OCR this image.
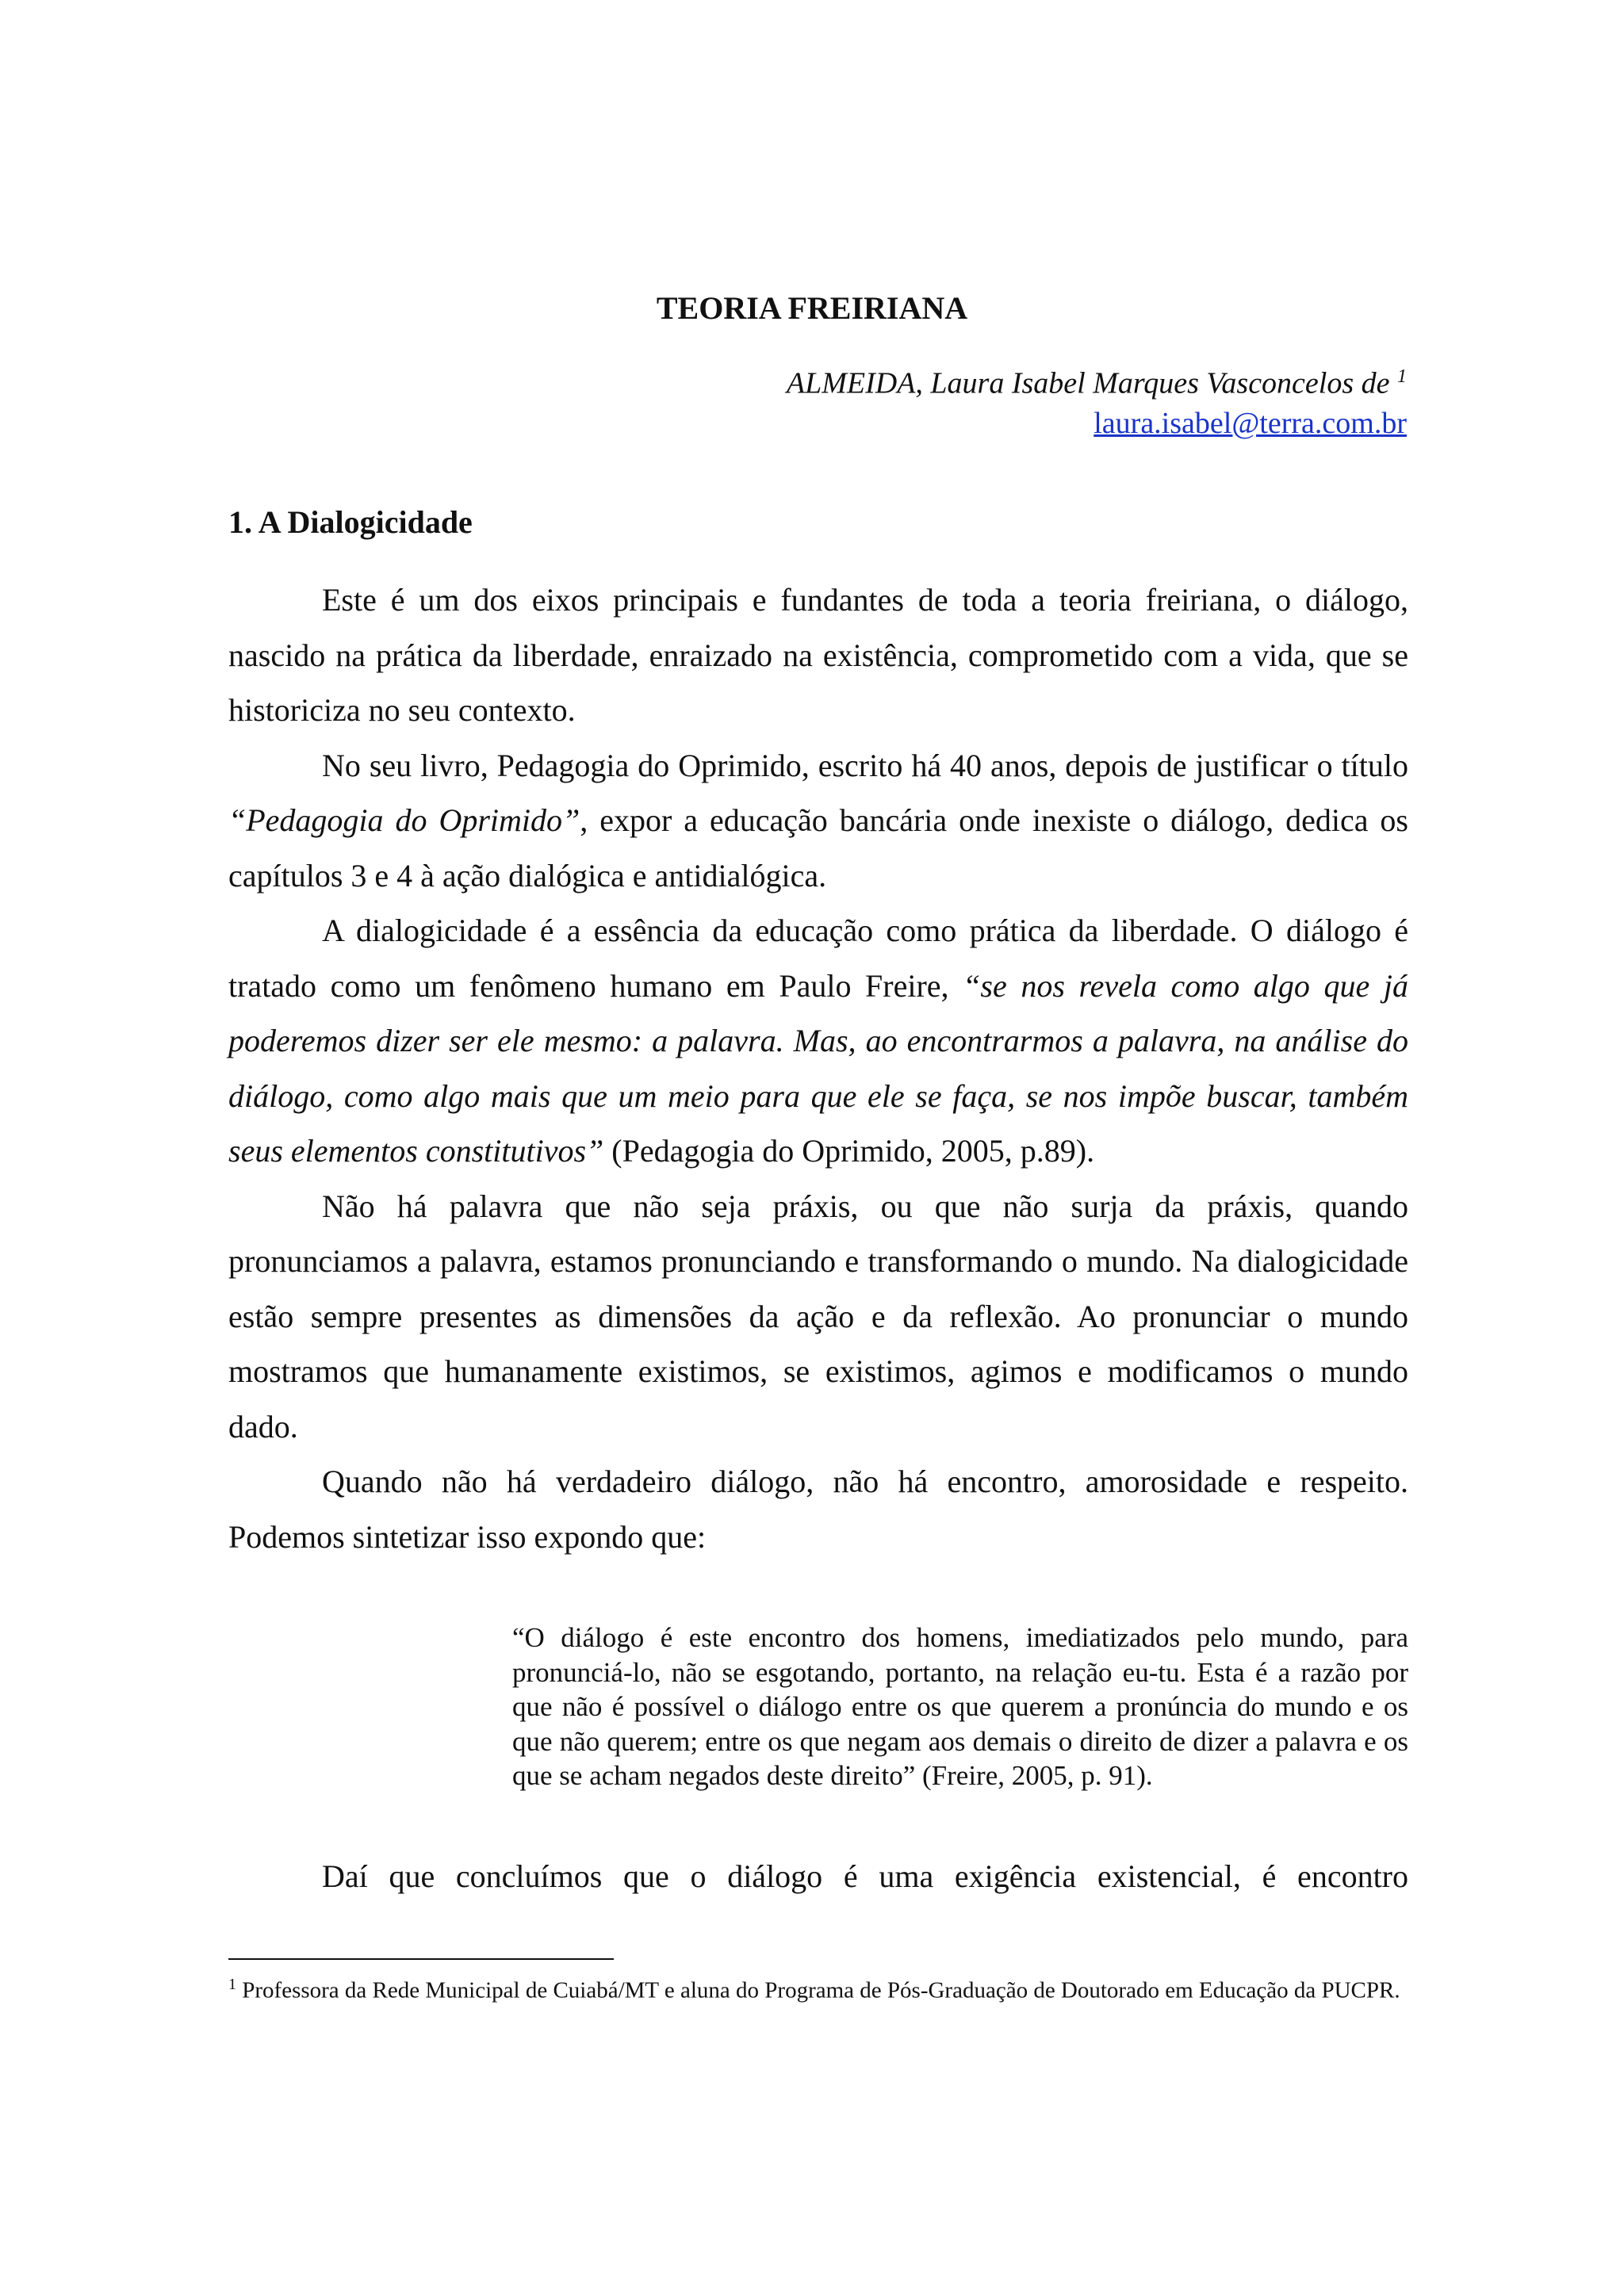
TEORIA FREIRIANA
ALMEIDA, Laura Isabel Marques Vasconcelos de $^1$
laura.isabel@terra.com.br
1. A Dialogicidade

Este é um dos eixos principais e fundantes de toda a teoria freiriana, o diálogo, nascido na prática da liberdade, enraizado na existência, comprometido com a vida, que se historiciza no seu contexto.

No seu livro, Pedagogia do Oprimido, escrito há 40 anos, depois de justificar o título “Pedagogia do Oprimido”, expor a educação bancária onde inexiste o diálogo, dedica os capítulos 3 e 4 à ação dialógica e antidialógica.

A dialogicidade é a essência da educação como prática da liberdade. O diálogo é tratado como um fenômeno humano em Paulo Freire, “se nos revela como algo que já poderemos dizer ser ele mesmo: a palavra. Mas, ao encontrarmos a palavra, na análise do diálogo, como algo mais que um meio para que ele se faça, se nos impõe buscar, também seus elementos constitutivos” (Pedagogia do Oprimido, 2005, p.89).

Não há palavra que não seja práxis, ou que não surja da práxis, quando pronunciamos a palavra, estamos pronunciando e transformando o mundo. Na dialogicidade estão sempre presentes as dimensões da ação e da reflexão. Ao pronunciar o mundo mostramos que humanamente existimos, se existimos, agimos e modificamos o mundo dado.

Quando não há verdadeiro diálogo, não há encontro, amorosidade e respeito. Podemos sintetizar isso expondo que:

“O diálogo é este encontro dos homens, imediatizados pelo mundo, para pronunciá-lo, não se esgotando, portanto, na relação eu-tu. Esta é a razão por que não é possível o diálogo entre os que querem a pronúncia do mundo e os que não querem; entre os que negam aos demais o direito de dizer a palavra e os que se acham negados deste direito” (Freire, 2005, p. 91).

Daí que concluímos que o diálogo é uma exigência existencial, é encontro

$^1$ Professora da Rede Municipal de Cuiabá/MT e aluna do Programa de Pós-Graduação de Doutorado em Educação da PUCPR.
